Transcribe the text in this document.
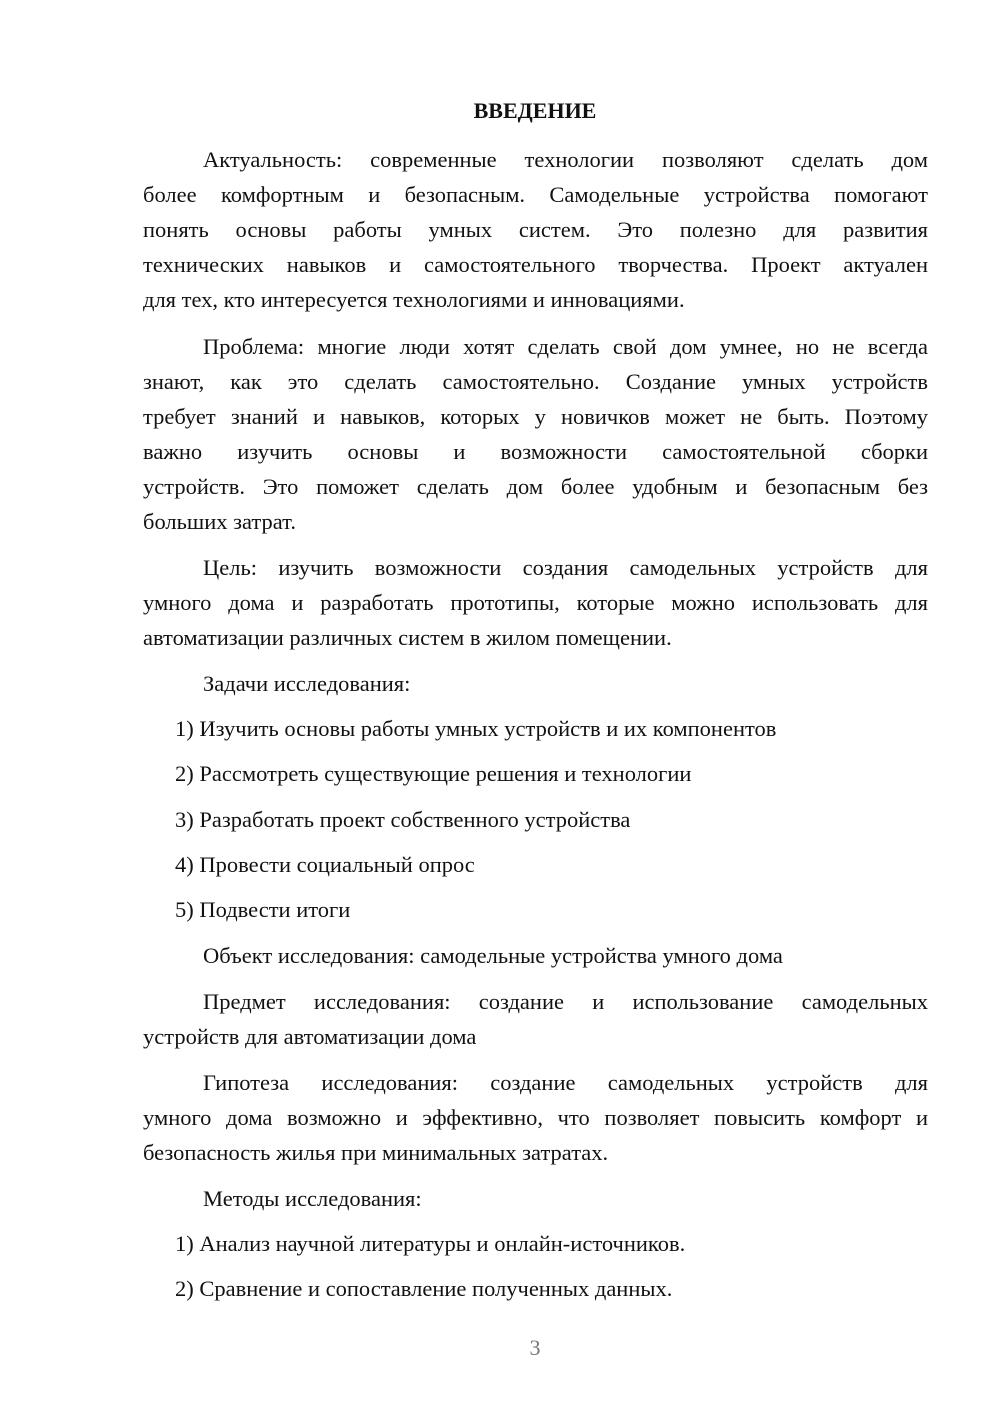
ВВЕДЕНИЕ
Актуальность: современные технологии позволяют сделать дом
более комфортным и безопасным. Самодельные устройства помогают
понять основы работы умных систем. Это полезно для развития
технических навыков и самостоятельного творчества. Проект актуален
для тех, кто интересуется технологиями и инновациями.
Проблема: многие люди хотят сделать свой дом умнее, но не всегда
знают, как это сделать самостоятельно. Создание умных устройств
требует знаний и навыков, которых у новичков может не быть. Поэтому
важно изучить основы и возможности самостоятельной сборки
устройств. Это поможет сделать дом более удобным и безопасным без
больших затрат.
Цель: изучить возможности создания самодельных устройств для
умного дома и разработать прототипы, которые можно использовать для
автоматизации различных систем в жилом помещении.
Задачи исследования:
1) Изучить основы работы умных устройств и их компонентов
2) Рассмотреть существующие решения и технологии
3) Разработать проект собственного устройства
4) Провести социальный опрос
5) Подвести итоги
Объект исследования: самодельные устройства умного дома
Предмет исследования: создание и использование самодельных
устройств для автоматизации дома
Гипотеза исследования: создание самодельных устройств для
умного дома возможно и эффективно, что позволяет повысить комфорт и
безопасность жилья при минимальных затратах.
Методы исследования:
1) Анализ научной литературы и онлайн-источников.
2) Сравнение и сопоставление полученных данных.
3
